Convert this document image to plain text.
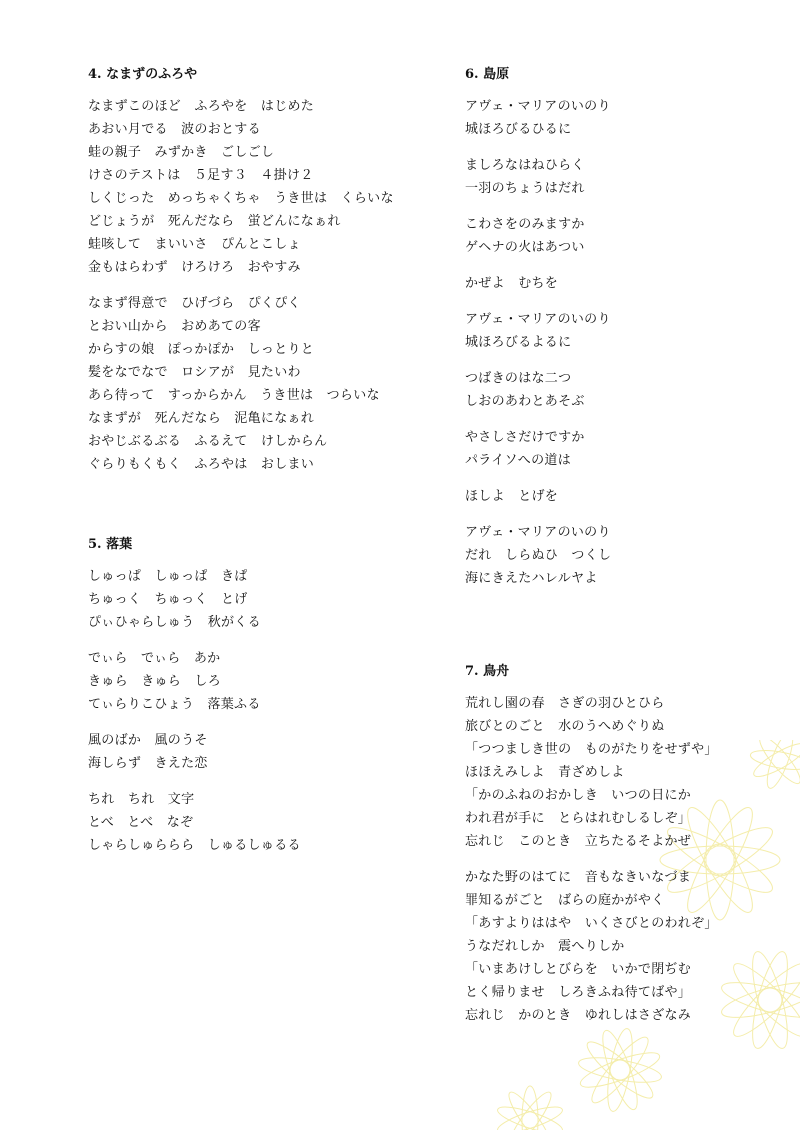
4. なまずのふろや
なまずこのほど　ふろやを　はじめた
あおい月でる　波のおとする
蛙の親子　みずかき　ごしごし
けさのテストは　５足す３　４掛け２
しくじった　めっちゃくちゃ　うき世は　くらいな
どじょうが　死んだなら　蛍どんになぁれ
蛙咳して　まいいさ　ぴんとこしょ
金もはらわず　けろけろ　おやすみ
なまず得意で　ひげづら　ぴくぴく
とおい山から　おめあての客
からすの娘　ぽっかぽか　しっとりと
髪をなでなで　ロシアが　見たいわ
あら待って　すっからかん　うき世は　つらいな
なまずが　死んだなら　泥亀になぁれ
おやじぶるぶる　ふるえて　けしからん
ぐらりもくもく　ふろやは　おしまい
5. 落葉
しゅっぱ　しゅっぱ　きぱ
ちゅっく　ちゅっく　とげ
ぴぃひゃらしゅう　秋がくる
でぃら　でぃら　あか
きゅら　きゅら　しろ
てぃらりこひょう　落葉ふる
風のばか　風のうそ
海しらず　きえた恋
ちれ　ちれ　文字
とべ　とべ　なぞ
しゃらしゅららら　しゅるしゅるる
6. 島原
アヴェ・マリアのいのり
城ほろびるひるに
ましろなはねひらく
一羽のちょうはだれ
こわさをのみますか
ゲヘナの火はあつい
かぜよ　むちを
アヴェ・マリアのいのり
城ほろびるよるに
つばきのはな二つ
しおのあわとあそぶ
やさしさだけですか
パライソへの道は
ほしよ　とげを
アヴェ・マリアのいのり
だれ　しらぬひ　つくし
海にきえたハレルヤよ
7. 鳥舟
荒れし園の春　さぎの羽ひとひら
旅びとのごと　水のうへめぐりぬ
「つつましき世の　ものがたりをせずや」
ほほえみしよ　青ざめしよ
「かのふねのおかしき　いつの日にか
われ君が手に　とらはれむしるしぞ」
忘れじ　このとき　立ちたるそよかぜ
かなた野のはてに　音もなきいなづま
罪知るがごと　ばらの庭かがやく
「あすよりははや　いくさびとのわれぞ」
うなだれしか　震へりしか
「いまあけしとびらを　いかで閉ぢむ
とく帰りませ　しろきふね待てばや」
忘れじ　かのとき　ゆれしはさざなみ
